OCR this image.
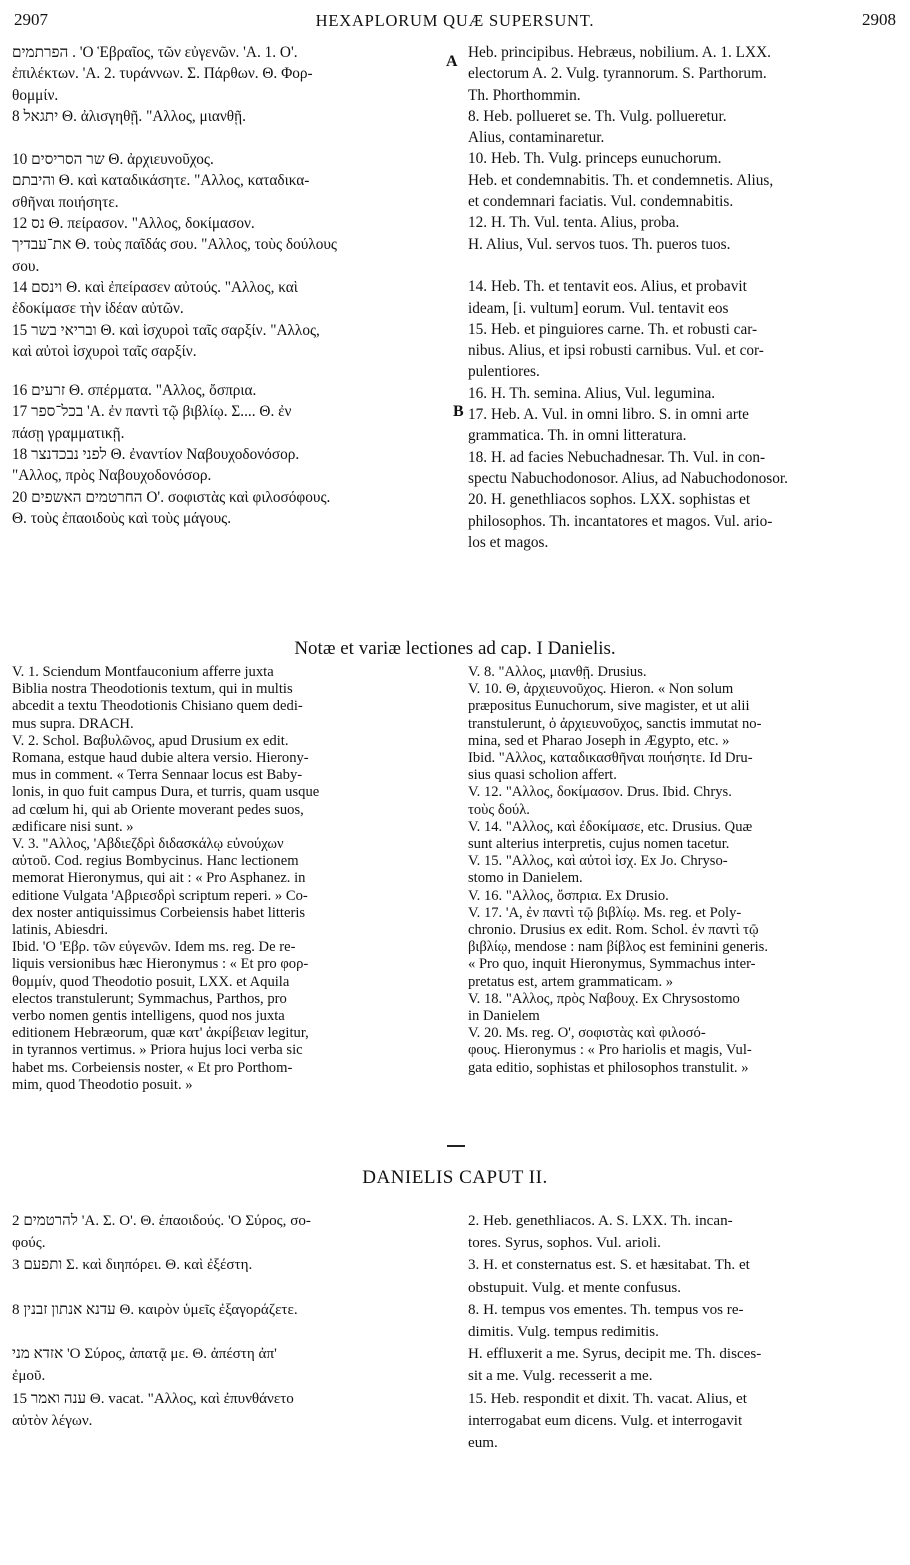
2907	HEXAPLORUM QUÆ SUPERSUNT.	2908
A
B

הפרתמים . 'Ο Ἑβραῖος, τῶν εὐγενῶν. 'Α. 1. Ο'.
ἐπιλέκτων. 'Α. 2. τυράννων. Σ. Πάρθων. Θ. Φορ-
θομμίν.

יתגאל 8 Θ. ἀλισγηθῇ. "Αλλος, μιανθῇ.

שר הסריסים 10 Θ. ἀρχιευνοῦχος.
והיבתם Θ. καὶ καταδικάσητε. "Αλλος, καταδικα-
σθῆναι ποιήσητε.
נס 12 Θ. πείρασον. "Αλλος, δοκίμασον.
את־עבדיך Θ. τοὺς παῖδάς σου. "Αλλος, τοὺς δούλους
σου.
וינסם 14 Θ. καὶ ἐπείρασεν αὐτούς. "Αλλος, καὶ
ἐδοκίμασε τὴν ἰδέαν αὐτῶν.
ובריאי בשר 15 Θ. καὶ ἰσχυροὶ ταῖς σαρξίν. "Αλλος,
καὶ αὐτοὶ ἰσχυροὶ ταῖς σαρξίν.

זרעים 16 Θ. σπέρματα. "Αλλος, ὄσπρια.
בכל־ספר 17 'Α. ἐν παντὶ τῷ βιβλίῳ. Σ.... Θ. ἐν
πάσῃ γραμματικῇ.
לפני נבכדנצר 18 Θ. ἐναντίον Ναβουχοδονόσορ.
"Αλλος, πρὸς Ναβουχοδονόσορ.
החרטמים האשפים 20 Ο'. σοφιστὰς καὶ φιλοσόφους.
Θ. τοὺς ἐπαοιδοὺς καὶ τοὺς μάγους.

Heb. principibus. Hebræus, nobilium. A. 1. LXX.
electorum A. 2. Vulg. tyrannorum. S. Parthorum.
Th. Phorthommin.

8. Heb. pollueret se. Th. Vulg. pollueretur.
Alius, contaminaretur.

10. Heb. Th. Vulg. princeps eunuchorum.
Heb. et condemnabitis. Th. et condemnetis. Alius,
et condemnari faciatis. Vul. condemnabitis.
12. H. Th. Vul. tenta. Alius, proba.
H. Alius, Vul. servos tuos. Th. pueros tuos.

14. Heb. Th. et tentavit eos. Alius, et probavit
ideam, [i. vultum] eorum. Vul. tentavit eos
15. Heb. et pinguiores carne. Th. et robusti car-
nibus. Alius, et ipsi robusti carnibus. Vul. et cor-
pulentiores.

16. H. Th. semina. Alius, Vul. legumina.
17. Heb. A. Vul. in omni libro. S. in omni arte
grammatica. Th. in omni litteratura.
18. H. ad facies Nebuchadnesar. Th. Vul. in con-
spectu Nabuchodonosor. Alius, ad Nabuchodonosor.
20. H. genethliacos sophos. LXX. sophistas et
philosophos. Th. incantatores et magos. Vul. ario-
los et magos.

Notæ et variæ lectiones ad cap. I Danielis.

V. 1. Sciendum Montfauconium afferre juxta
Biblia nostra Theodotionis textum, qui in multis
abcedit a textu Theodotionis Chisiano quem dedi-
mus supra. DRACH.
V. 2. Schol. Βαβυλῶνος, apud Drusium ex edit.
Romana, estque haud dubie altera versio. Hierony-
mus in comment. « Terra Sennaar locus est Baby-
lonis, in quo fuit campus Dura, et turris, quam usque
ad cœlum hi, qui ab Oriente moverant pedes suos,
ædificare nisi sunt. »
V. 3. "Αλλος, 'Αβδιεζδρὶ διδασκάλῳ εὐνούχων
αὐτοῦ. Cod. regius Bombycinus. Hanc lectionem
memorat Hieronymus, qui ait : « Pro Asphanez. in
editione Vulgata 'Αβριεσδρὶ scriptum reperi. » Co-
dex noster antiquissimus Corbeiensis habet litteris
latinis, Abiesdri.
Ibid. 'Ο 'Εβρ. τῶν εὐγενῶν. Idem ms. reg. De re-
liquis versionibus hæc Hieronymus : « Et pro φορ-
θομμίν, quod Theodotio posuit, LXX. et Aquila
electos transtulerunt; Symmachus, Parthos, pro
verbo nomen gentis intelligens, quod nos juxta
editionem Hebræorum, quæ κατ' ἀκρίβειαν legitur,
in tyrannos vertimus. » Priora hujus loci verba sic
habet ms. Corbeiensis noster, « Et pro Porthom-
mim, quod Theodotio posuit. »

V. 8. "Αλλος, μιανθῇ. Drusius.
V. 10. Θ, ἀρχιευνοῦχος. Hieron. « Non solum
præpositus Eunuchorum, sive magister, et ut alii
transtulerunt, ὁ ἀρχιευνοῦχος, sanctis immutat no-
mina, sed et Pharao Joseph in Ægypto, etc. »
Ibid. "Αλλος, καταδικασθῆναι ποιήσητε. Id Dru-
sius quasi scholion affert.
V. 12. "Αλλος, δοκίμασον. Drus. Ibid. Chrys.
τοὺς δούλ.
V. 14. "Αλλος, καὶ ἐδοκίμασε, etc. Drusius. Quæ
sunt alterius interpretis, cujus nomen tacetur.
V. 15. "Αλλος, καὶ αὐτοὶ ἰσχ. Ex Jo. Chryso-
stomo in Danielem.
V. 16. "Αλλος, ὄσπρια. Ex Drusio.
V. 17. 'Α, ἐν παντὶ τῷ βιβλίῳ. Ms. reg. et Poly-
chronio. Drusius ex edit. Rom. Schol. ἐν παντὶ τῷ
βιβλίῳ, mendose : nam βίβλος est feminini generis.
« Pro quo, inquit Hieronymus, Symmachus inter-
pretatus est, artem grammaticam. »
V. 18. "Αλλος, πρὸς Ναβουχ. Ex Chrysostomo
in Danielem
V. 20. Ms. reg. Ο', σοφιστὰς καὶ φιλοσό-
φους. Hieronymus : « Pro hariolis et magis, Vul-
gata editio, sophistas et philosophos transtulit. »

DANIELIS CAPUT II.

להרטמים 2 'Α. Σ. Ο'. Θ. ἐπαοιδούς. 'Ο Σύρος, σο-
φούς.
ותפעם 3 Σ. καὶ διηπόρει. Θ. καὶ ἐξέστη.

עדנא אנתון זבנין 8 Θ. καιρὸν ὑμεῖς ἐξαγοράζετε.

אזדא מני 'Ο Σύρος, ἀπατᾷ με. Θ. ἀπέστη ἀπ'
ἐμοῦ.
ענה ואמר 15 Θ. vacat. "Αλλος, καὶ ἐπυνθάνετο
αὐτὸν λέγων.

2. Heb. genethliacos. A. S. LXX. Th. incan-
tores. Syrus, sophos. Vul. arioli.
3. H. et consternatus est. S. et hæsitabat. Th. et
obstupuit. Vulg. et mente confusus.
8. H. tempus vos ementes. Th. tempus vos re-
dimitis. Vulg. tempus redimitis.
H. effluxerit a me. Syrus, decipit me. Th. disces-
sit a me. Vulg. recesserit a me.
15. Heb. respondit et dixit. Th. vacat. Alius, et
interrogabat eum dicens. Vulg. et interrogavit
eum.
